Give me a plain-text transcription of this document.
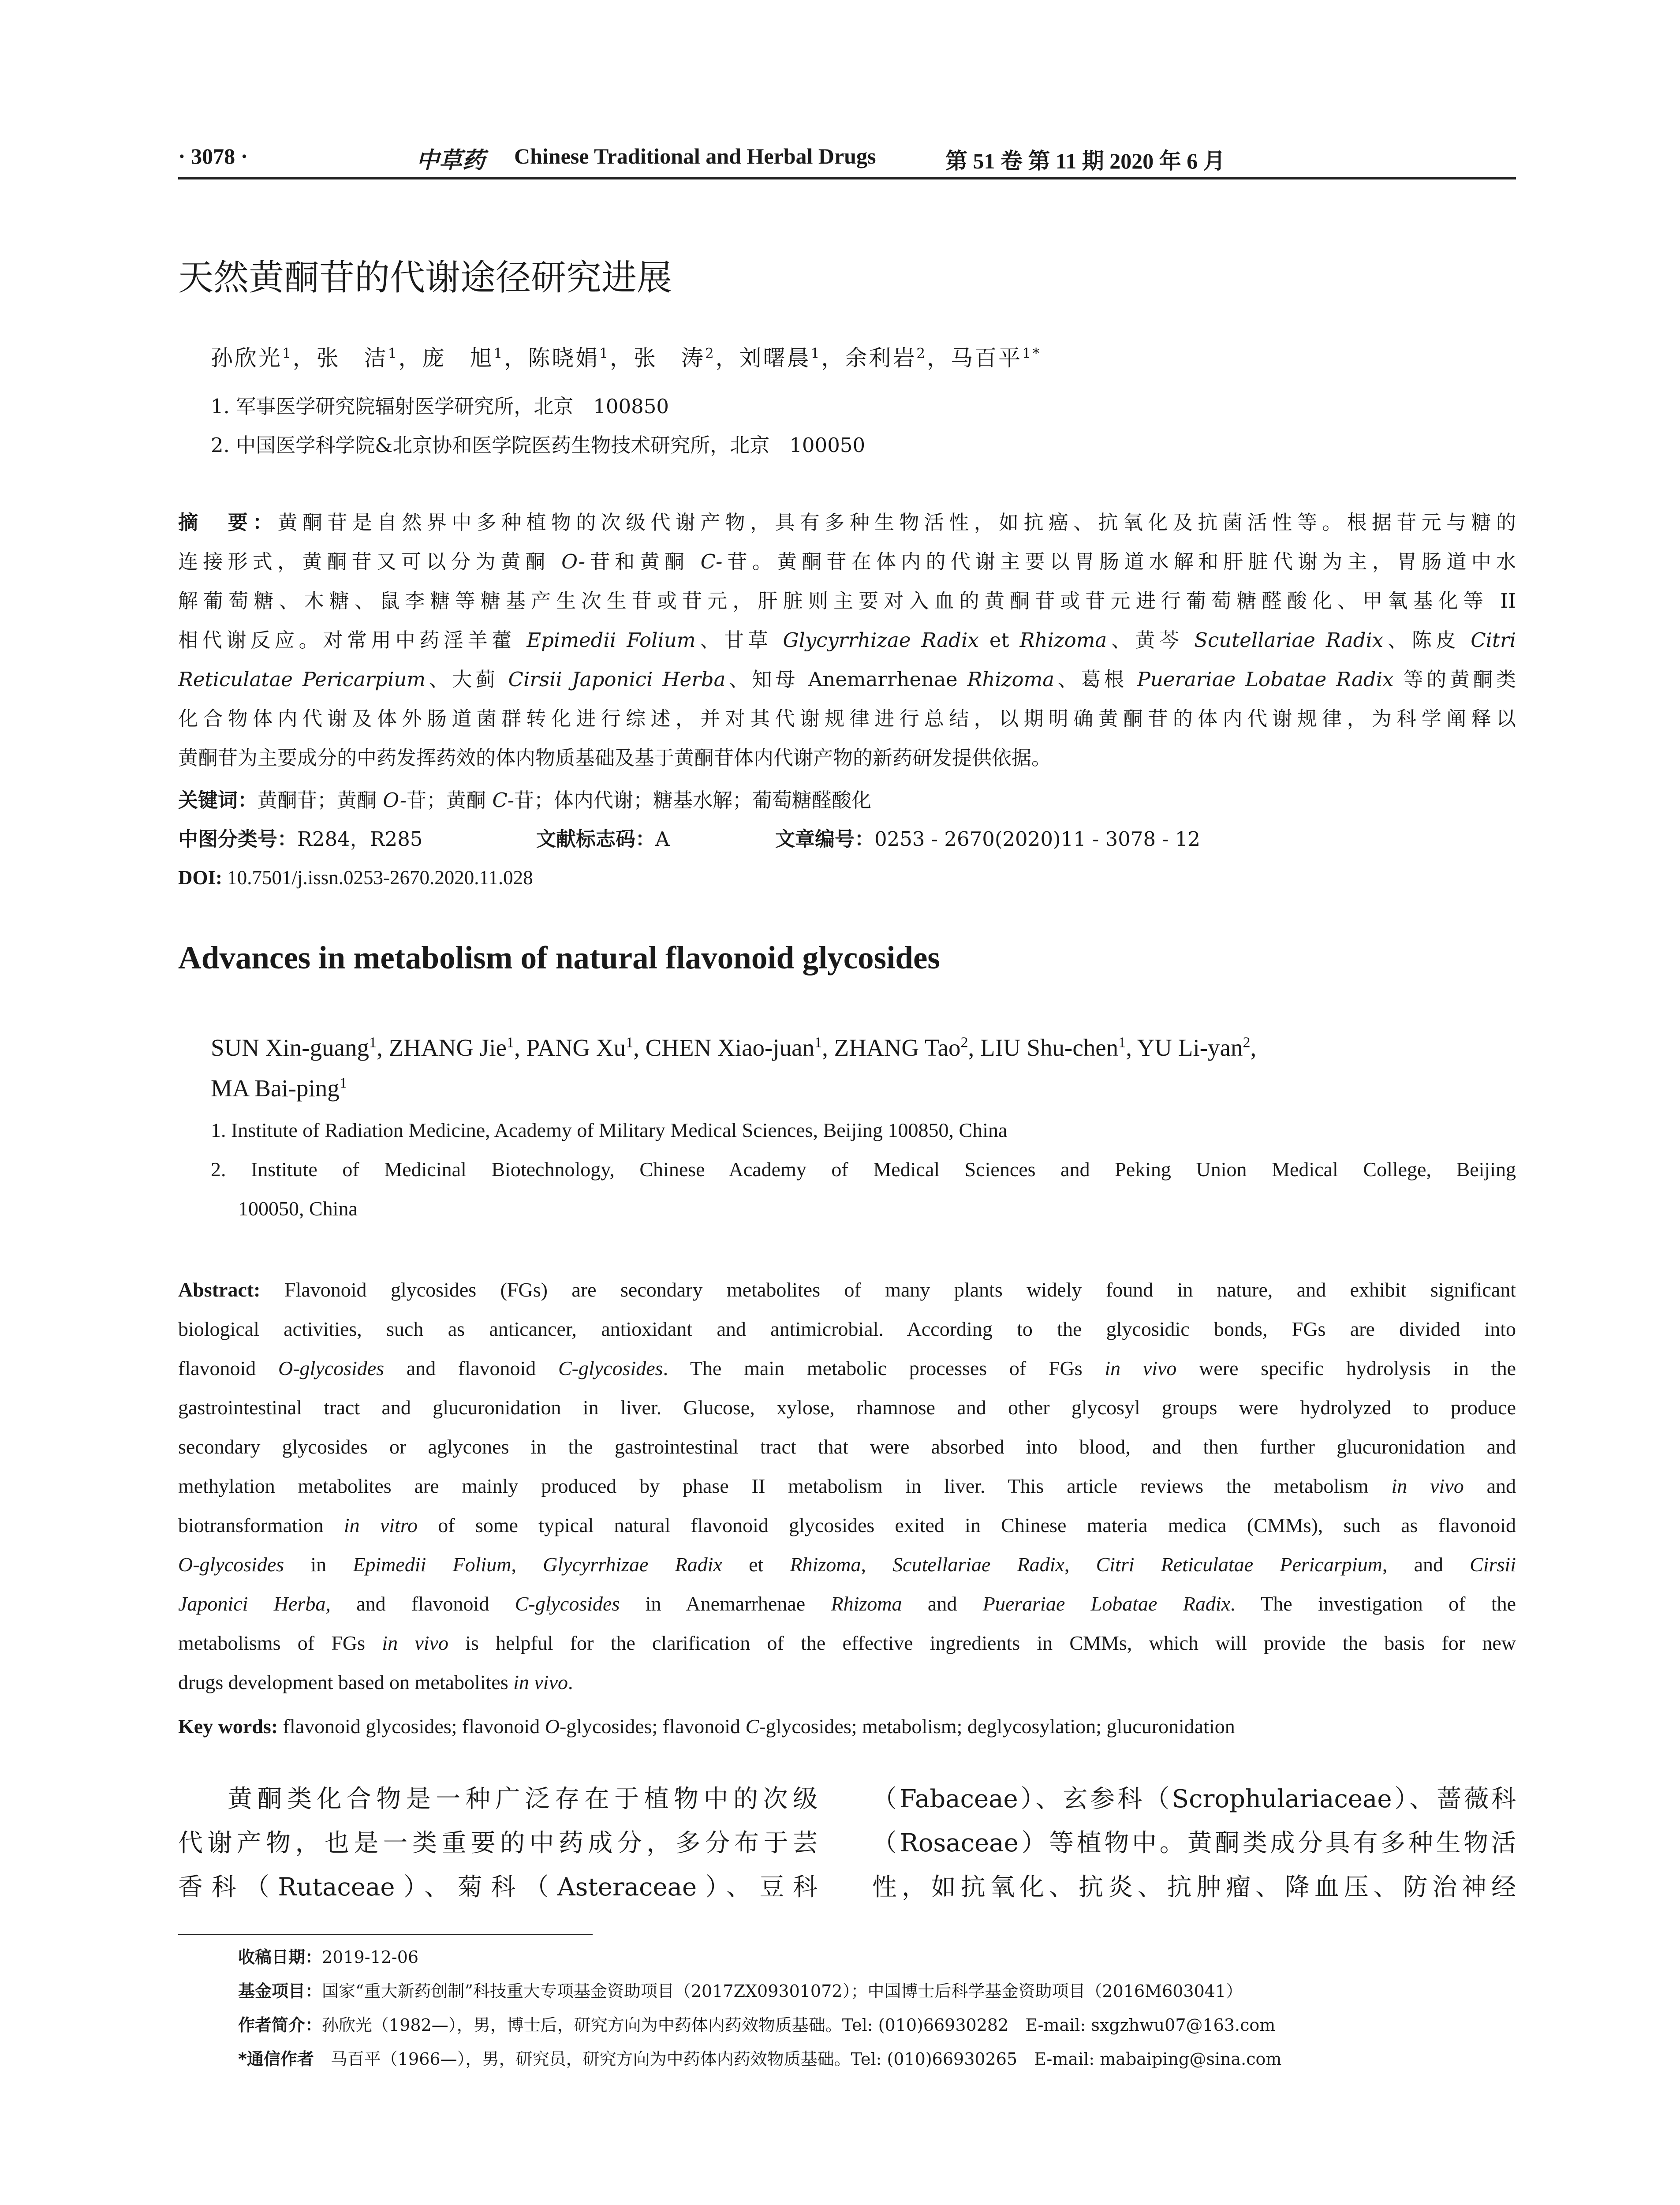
· 3078 ·	中草药 Chinese Traditional and Herbal Drugs	第 51 卷 第 11 期 2020 年 6 月
天然黄酮苷的代谢途径研究进展
孙欣光$^1$，张　洁$^1$，庞　旭$^1$，陈晓娟$^1$，张　涛$^2$，刘曙晨$^1$，余利岩$^2$，马百平$^{1*}$
1. 军事医学研究院辐射医学研究所，北京　100850
2. 中国医学科学院&北京协和医学院医药生物技术研究所，北京　100050
摘　要：黄酮苷是自然界中多种植物的次级代谢产物，具有多种生物活性，如抗癌、抗氧化及抗菌活性等。根据苷元与糖的
连接形式，黄酮苷又可以分为黄酮 O-苷和黄酮 C-苷。黄酮苷在体内的代谢主要以胃肠道水解和肝脏代谢为主，胃肠道中水
解葡萄糖、木糖、鼠李糖等糖基产生次生苷或苷元，肝脏则主要对入血的黄酮苷或苷元进行葡萄糖醛酸化、甲氧基化等 II
相代谢反应。对常用中药淫羊藿 Epimedii Folium、甘草 Glycyrrhizae Radix et Rhizoma、黄芩 Scutellariae Radix、陈皮 Citri
Reticulatae Pericarpium、大蓟 Cirsii Japonici Herba、知母 Anemarrhenae Rhizoma、葛根 Puerariae Lobatae Radix 等的黄酮类
化合物体内代谢及体外肠道菌群转化进行综述，并对其代谢规律进行总结，以期明确黄酮苷的体内代谢规律，为科学阐释以
黄酮苷为主要成分的中药发挥药效的体内物质基础及基于黄酮苷体内代谢产物的新药研发提供依据。
关键词：黄酮苷；黄酮 O-苷；黄酮 C-苷；体内代谢；糖基水解；葡萄糖醛酸化
中图分类号：R284，R285	文献标志码：A	文章编号：0253 - 2670(2020)11 - 3078 - 12
DOI: 10.7501/j.issn.0253-2670.2020.11.028
Advances in metabolism of natural flavonoid glycosides
SUN Xin-guang$^1$, ZHANG Jie$^1$, PANG Xu$^1$, CHEN Xiao-juan$^1$, ZHANG Tao$^2$, LIU Shu-chen$^1$, YU Li-yan$^2$,
MA Bai-ping$^1$
1. Institute of Radiation Medicine, Academy of Military Medical Sciences, Beijing 100850, China
2. Institute of Medicinal Biotechnology, Chinese Academy of Medical Sciences and Peking Union Medical College, Beijing
100050, China
Abstract: Flavonoid glycosides (FGs) are secondary metabolites of many plants widely found in nature, and exhibit significant
biological activities, such as anticancer, antioxidant and antimicrobial. According to the glycosidic bonds, FGs are divided into
flavonoid O-glycosides and flavonoid C-glycosides. The main metabolic processes of FGs in vivo were specific hydrolysis in the
gastrointestinal tract and glucuronidation in liver. Glucose, xylose, rhamnose and other glycosyl groups were hydrolyzed to produce
secondary glycosides or aglycones in the gastrointestinal tract that were absorbed into blood, and then further glucuronidation and
methylation metabolites are mainly produced by phase II metabolism in liver. This article reviews the metabolism in vivo and
biotransformation in vitro of some typical natural flavonoid glycosides exited in Chinese materia medica (CMMs), such as flavonoid
O-glycosides in Epimedii Folium, Glycyrrhizae Radix et Rhizoma, Scutellariae Radix, Citri Reticulatae Pericarpium, and Cirsii
Japonici Herba, and flavonoid C-glycosides in Anemarrhenae Rhizoma and Puerariae Lobatae Radix. The investigation of the
metabolisms of FGs in vivo is helpful for the clarification of the effective ingredients in CMMs, which will provide the basis for new
drugs development based on metabolites in vivo.
Key words: flavonoid glycosides; flavonoid O-glycosides; flavonoid C-glycosides; metabolism; deglycosylation; glucuronidation
黄酮类化合物是一种广泛存在于植物中的次级
代谢产物，也是一类重要的中药成分，多分布于芸
香科（Rutaceae）、菊科（Asteraceae）、豆科
（Fabaceae）、玄参科（Scrophulariaceae）、蔷薇科
（Rosaceae）等植物中。黄酮类成分具有多种生物活
性，如抗氧化、抗炎、抗肿瘤、降血压、防治神经
收稿日期：2019-12-06
基金项目：国家“重大新药创制”科技重大专项基金资助项目（2017ZX09301072）；中国博士后科学基金资助项目（2016M603041）
作者简介：孙欣光（1982—），男，博士后，研究方向为中药体内药效物质基础。Tel: (010)66930282　E-mail: sxgzhwu07@163.com
*通信作者　马百平（1966—），男，研究员，研究方向为中药体内药效物质基础。Tel: (010)66930265　E-mail: mabaiping@sina.com
